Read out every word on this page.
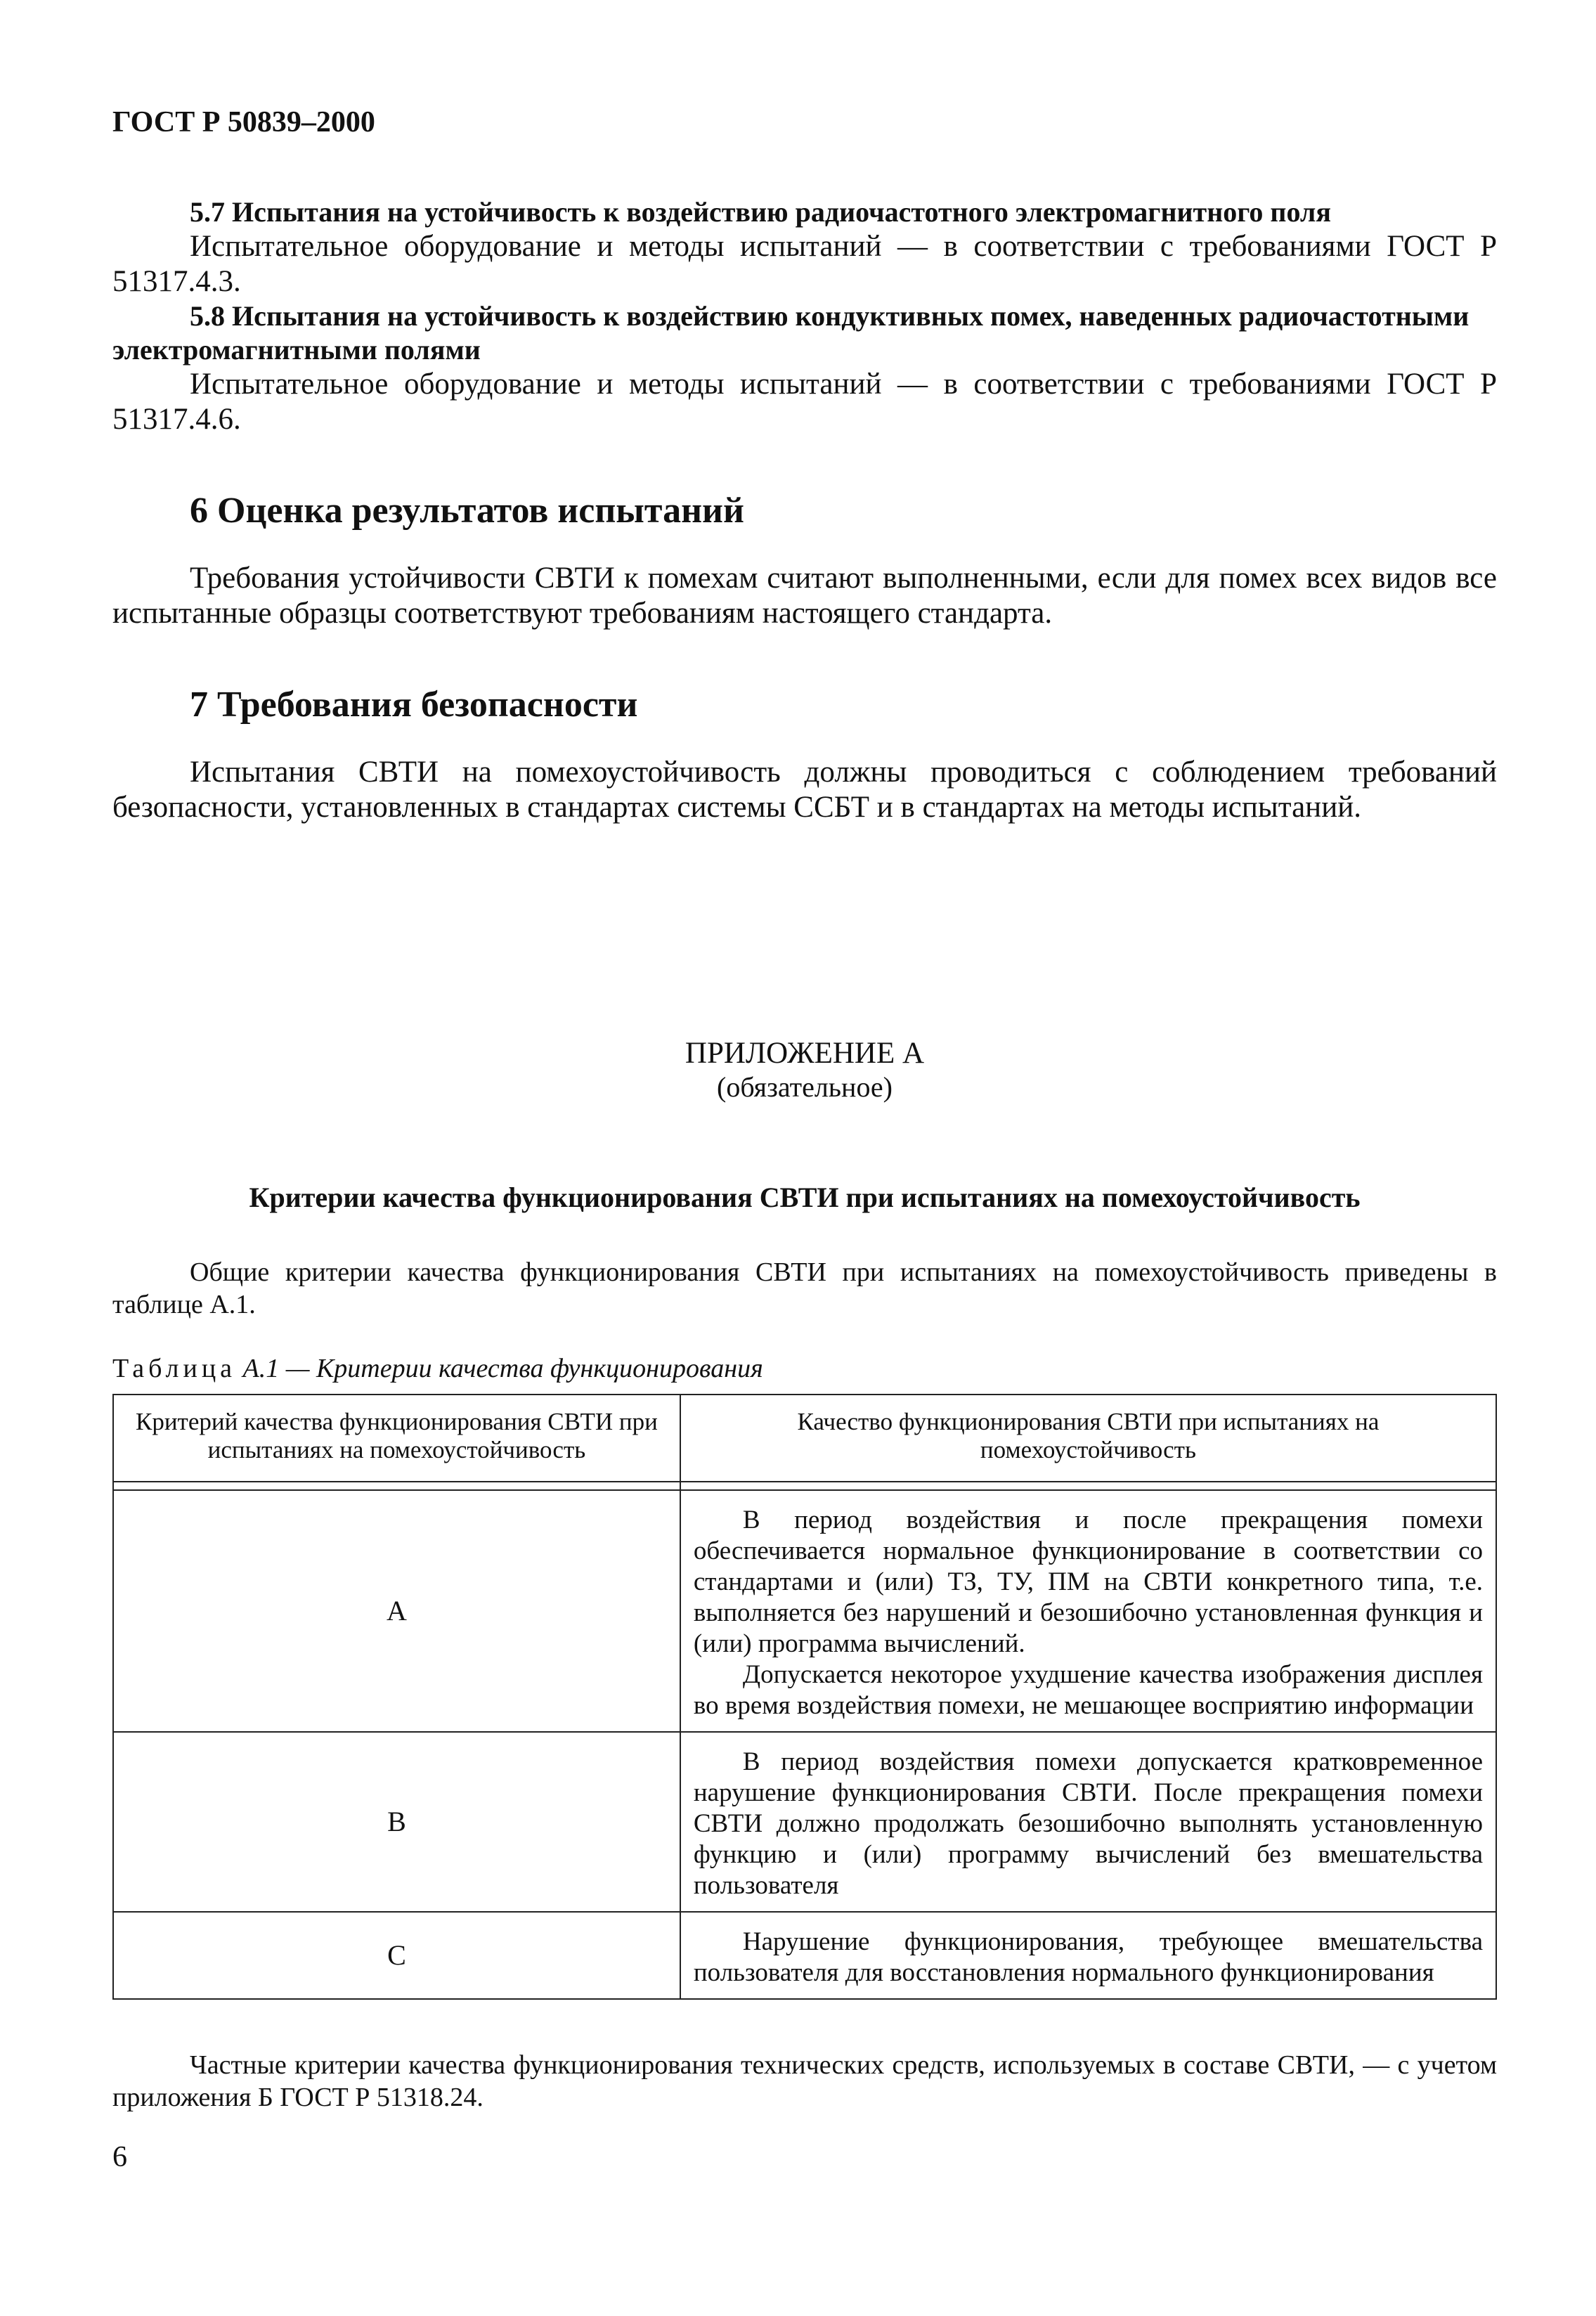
ГОСТ Р 50839–2000
5.7 Испытания на устойчивость к воздействию радиочастотного электромагнитного поля

Испытательное оборудование и методы испытаний — в соответствии с требованиями ГОСТ Р 51317.4.3.

5.8 Испытания на устойчивость к воздействию кондуктивных помех, наведенных радиочастотными электромагнитными полями

Испытательное оборудование и методы испытаний — в соответствии с требованиями ГОСТ Р 51317.4.6.

6 Оценка результатов испытаний

Требования устойчивости СВТИ к помехам считают выполненными, если для помех всех видов все испытанные образцы соответствуют требованиям настоящего стандарта.

7 Требования безопасности

Испытания СВТИ на помехоустойчивость должны проводиться с соблюдением требований безопасности, установленных в стандартах системы ССБТ и в стандартах на методы испытаний.

ПРИЛОЖЕНИЕ А
(обязательное)
Критерии качества функционирования СВТИ при испытаниях на помехоустойчивость

Общие критерии качества функционирования СВТИ при испытаниях на помехоустойчивость приведены в таблице А.1.

Таблица А.1 — Критерии качества функционирования
Критерий качества функционирования СВТИ при испытаниях на помехоустойчивость	Качество функционирования СВТИ при испытаниях на помехоустойчивость

A	В период воздействия и после прекращения помехи обеспечивается нормальное функционирование в соответствии со стандартами и (или) ТЗ, ТУ, ПМ на СВТИ конкретного типа, т.е. выполняется без нарушений и безошибочно установленная функция и (или) программа вычислений.

Допускается некоторое ухудшение качества изображения дисплея во время воздействия помехи, не мешающее восприятию информации

B	В период воздействия помехи допускается кратковременное нарушение функционирования СВТИ. После прекращения помехи СВТИ должно продолжать безошибочно выполнять установленную функцию и (или) программу вычислений без вмешательства пользователя

C	Нарушение функционирования, требующее вмешательства пользователя для восстановления нормального функционирования

Частные критерии качества функционирования технических средств, используемых в составе СВТИ, — с учетом приложения Б ГОСТ Р 51318.24.

6
